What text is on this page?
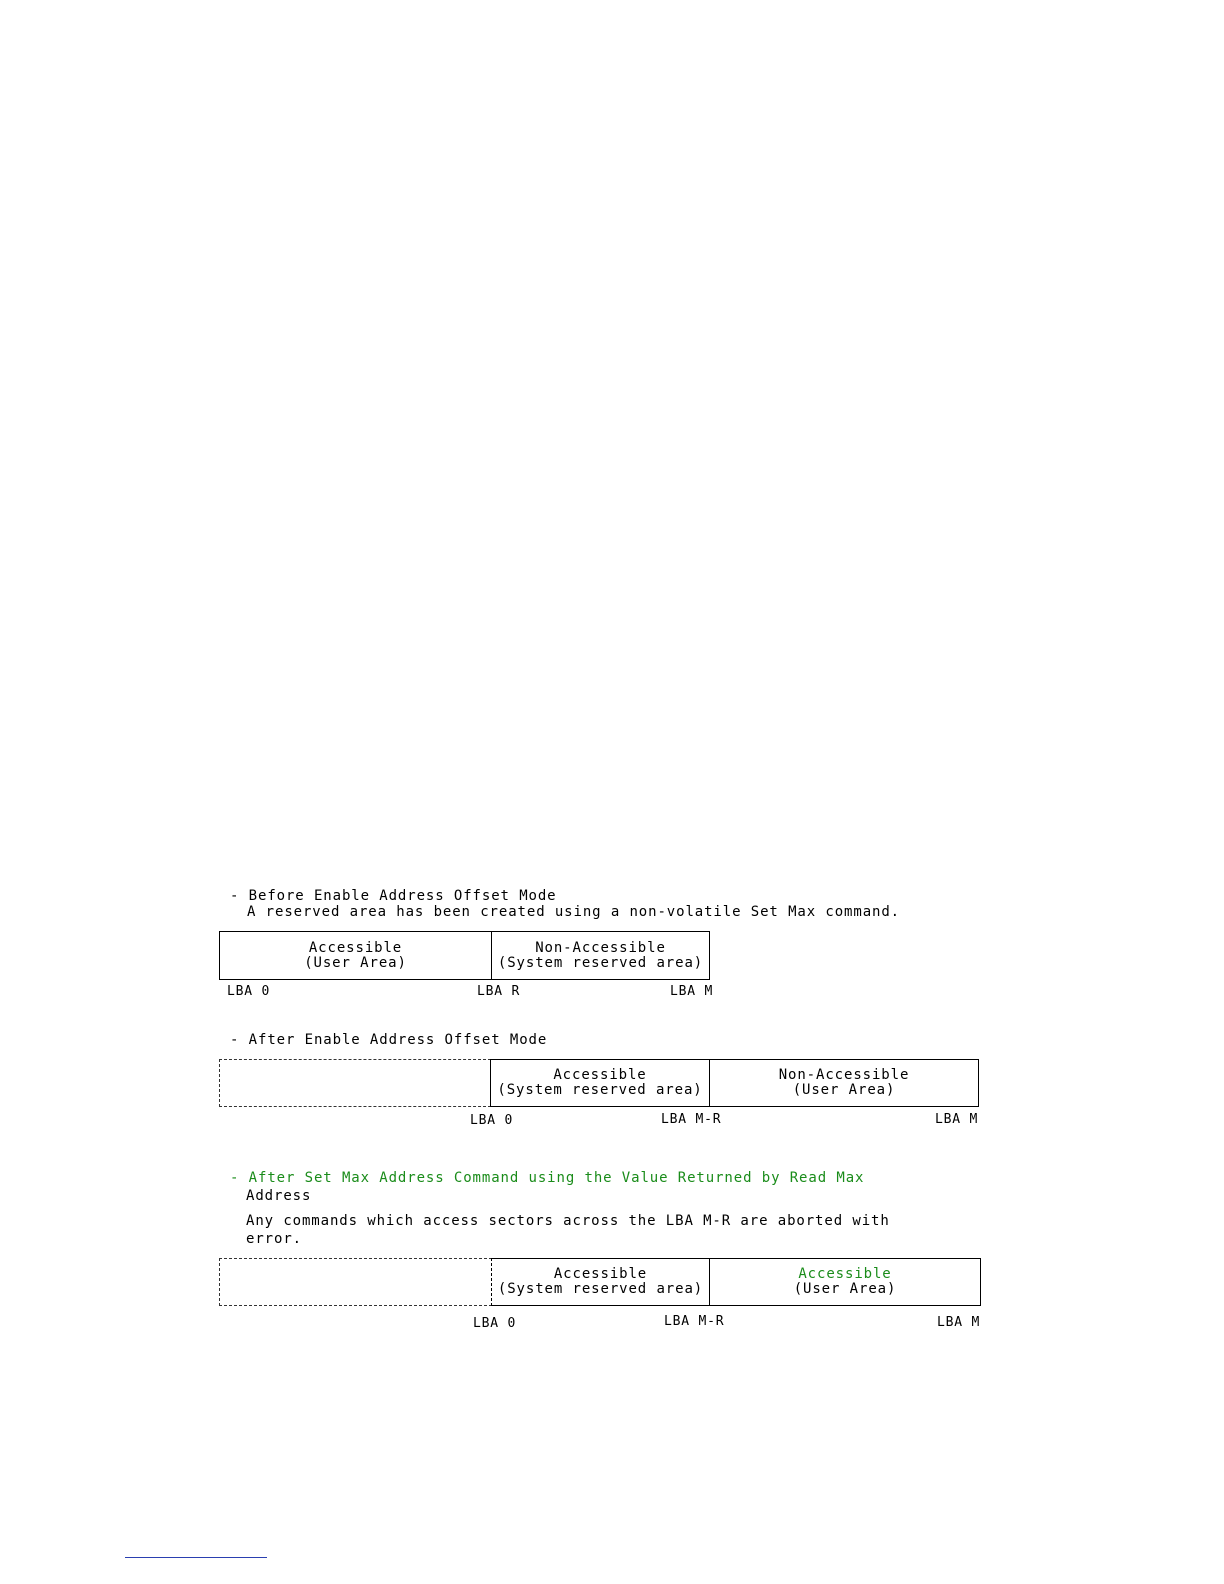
- Before Enable Address Offset Mode
A reserved area has been created using a non-volatile Set Max command.
Accessible
(User Area)
Non-Accessible
(System reserved area)
LBA 0	LBA R	LBA M
- After Enable Address Offset Mode
Accessible
(System reserved area)
Non-Accessible
(User Area)
LBA 0	LBA M-R	LBA M
- After Set Max Address Command using the Value Returned by Read Max
Address
Any commands which access sectors across the LBA M-R are aborted with
error.
Accessible
(System reserved area)
Accessible
(User Area)
LBA 0	LBA M-R	LBA M
